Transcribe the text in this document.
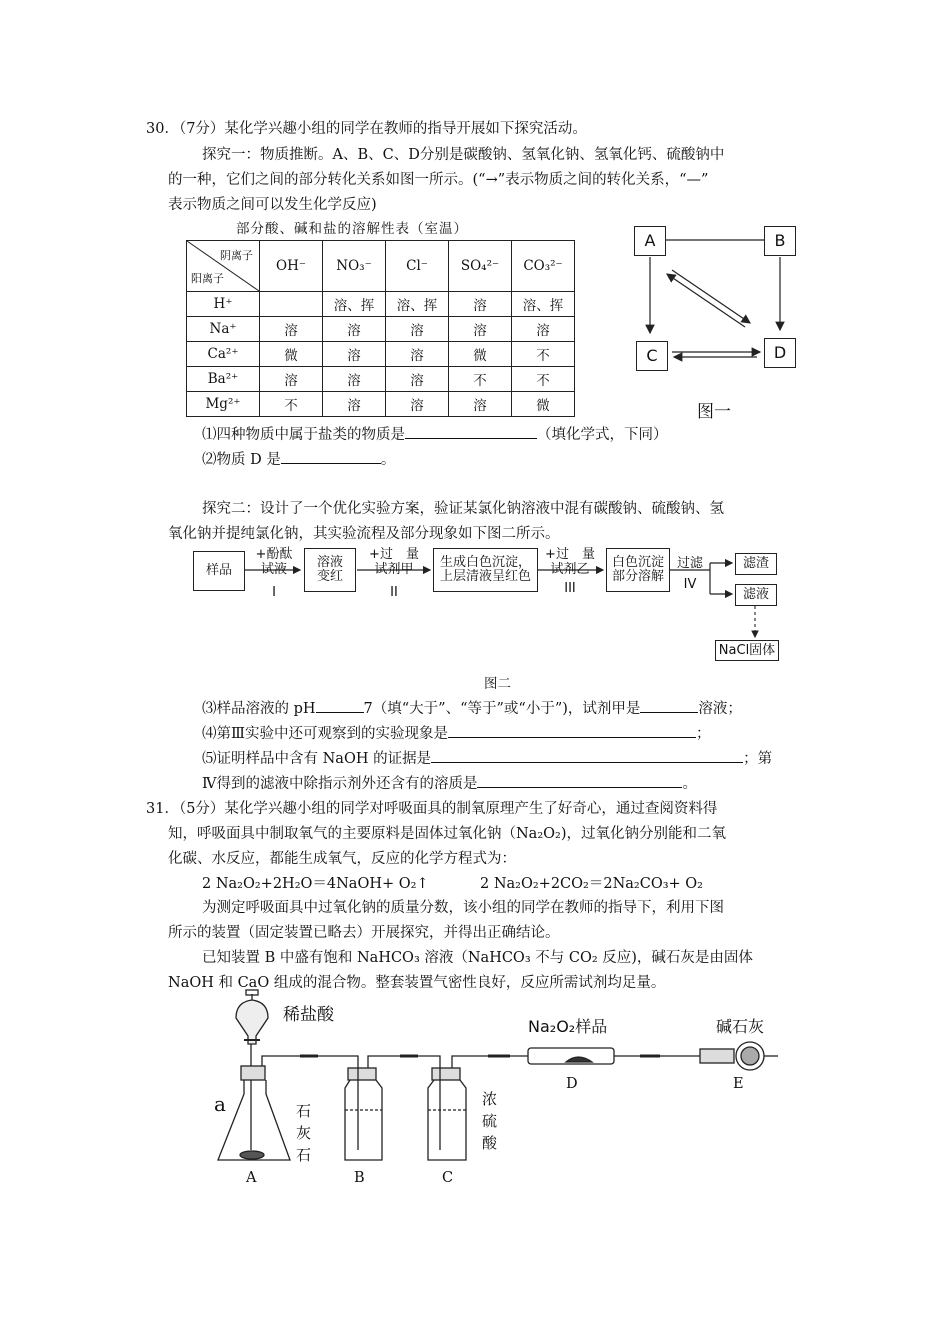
30．（7分）某化学兴趣小组的同学在教师的指导开展如下探究活动。
探究一：物质推断。A、B、C、D分别是碳酸钠、氢氧化钠、氢氧化钙、硫酸钠中
的一种，它们之间的部分转化关系如图一所示。(“→”表示物质之间的转化关系，“—”
表示物质之间可以发生化学反应)
部分酸、碱和盐的溶解性表（室温）
阴离子
阳离子	OH⁻	NO₃⁻	Cl⁻	SO₄²⁻	CO₃²⁻
H⁺		溶、挥	溶、挥	溶	溶、挥
Na⁺	溶	溶	溶	溶	溶
Ca²⁺	微	溶	溶	微	不
Ba²⁺	溶	溶	溶	不	不
Mg²⁺	不	溶	溶	溶	微
A	B
C	D
图一
⑴四种物质中属于盐类的物质是	（填化学式，下同）
⑵物质 D 是	。
探究二：设计了一个优化实验方案，验证某氯化钠溶液中混有碳酸钠、硫酸钠、氢
氧化钠并提纯氯化钠，其实验流程及部分现象如下图二所示。
样品
+酚酞
试液
I
溶液
变红
+过　量
试剂甲
II
生成白色沉淀，
上层清液呈红色
+过　量
试剂乙
III
白色沉淀
部分溶解
过滤
IV
滤渣
滤液
NaCl固体
图二
⑶样品溶液的 pH	7（填“大于”、“等于”或“小于”)，试剂甲是	溶液；
⑷第Ⅲ实验中还可观察到的实验现象是	；
⑸证明样品中含有 NaOH 的证据是	；第
Ⅳ得到的滤液中除指示剂外还含有的溶质是	。
31．（5分）某化学兴趣小组的同学对呼吸面具的制氧原理产生了好奇心，通过查阅资料得
知，呼吸面具中制取氧气的主要原料是固体过氧化钠（Na₂O₂)，过氧化钠分别能和二氧
化碳、水反应，都能生成氧气，反应的化学方程式为：
2 Na₂O₂+2H₂O＝4NaOH+ O₂↑	2 Na₂O₂+2CO₂＝2Na₂CO₃+ O₂
为测定呼吸面具中过氧化钠的质量分数，该小组的同学在教师的指导下，利用下图
所示的装置（固定装置已略去）开展探究，并得出正确结论。
已知装置 B 中盛有饱和 NaHCO₃ 溶液（NaHCO₃ 不与 CO₂ 反应)，碱石灰是由固体
NaOH 和 CaO 组成的混合物。整套装置气密性良好，反应所需试剂均足量。
稀盐酸
a	石
灰
石
浓
硫
酸
Na₂O₂样品	碱石灰
A	B	C
D	E
